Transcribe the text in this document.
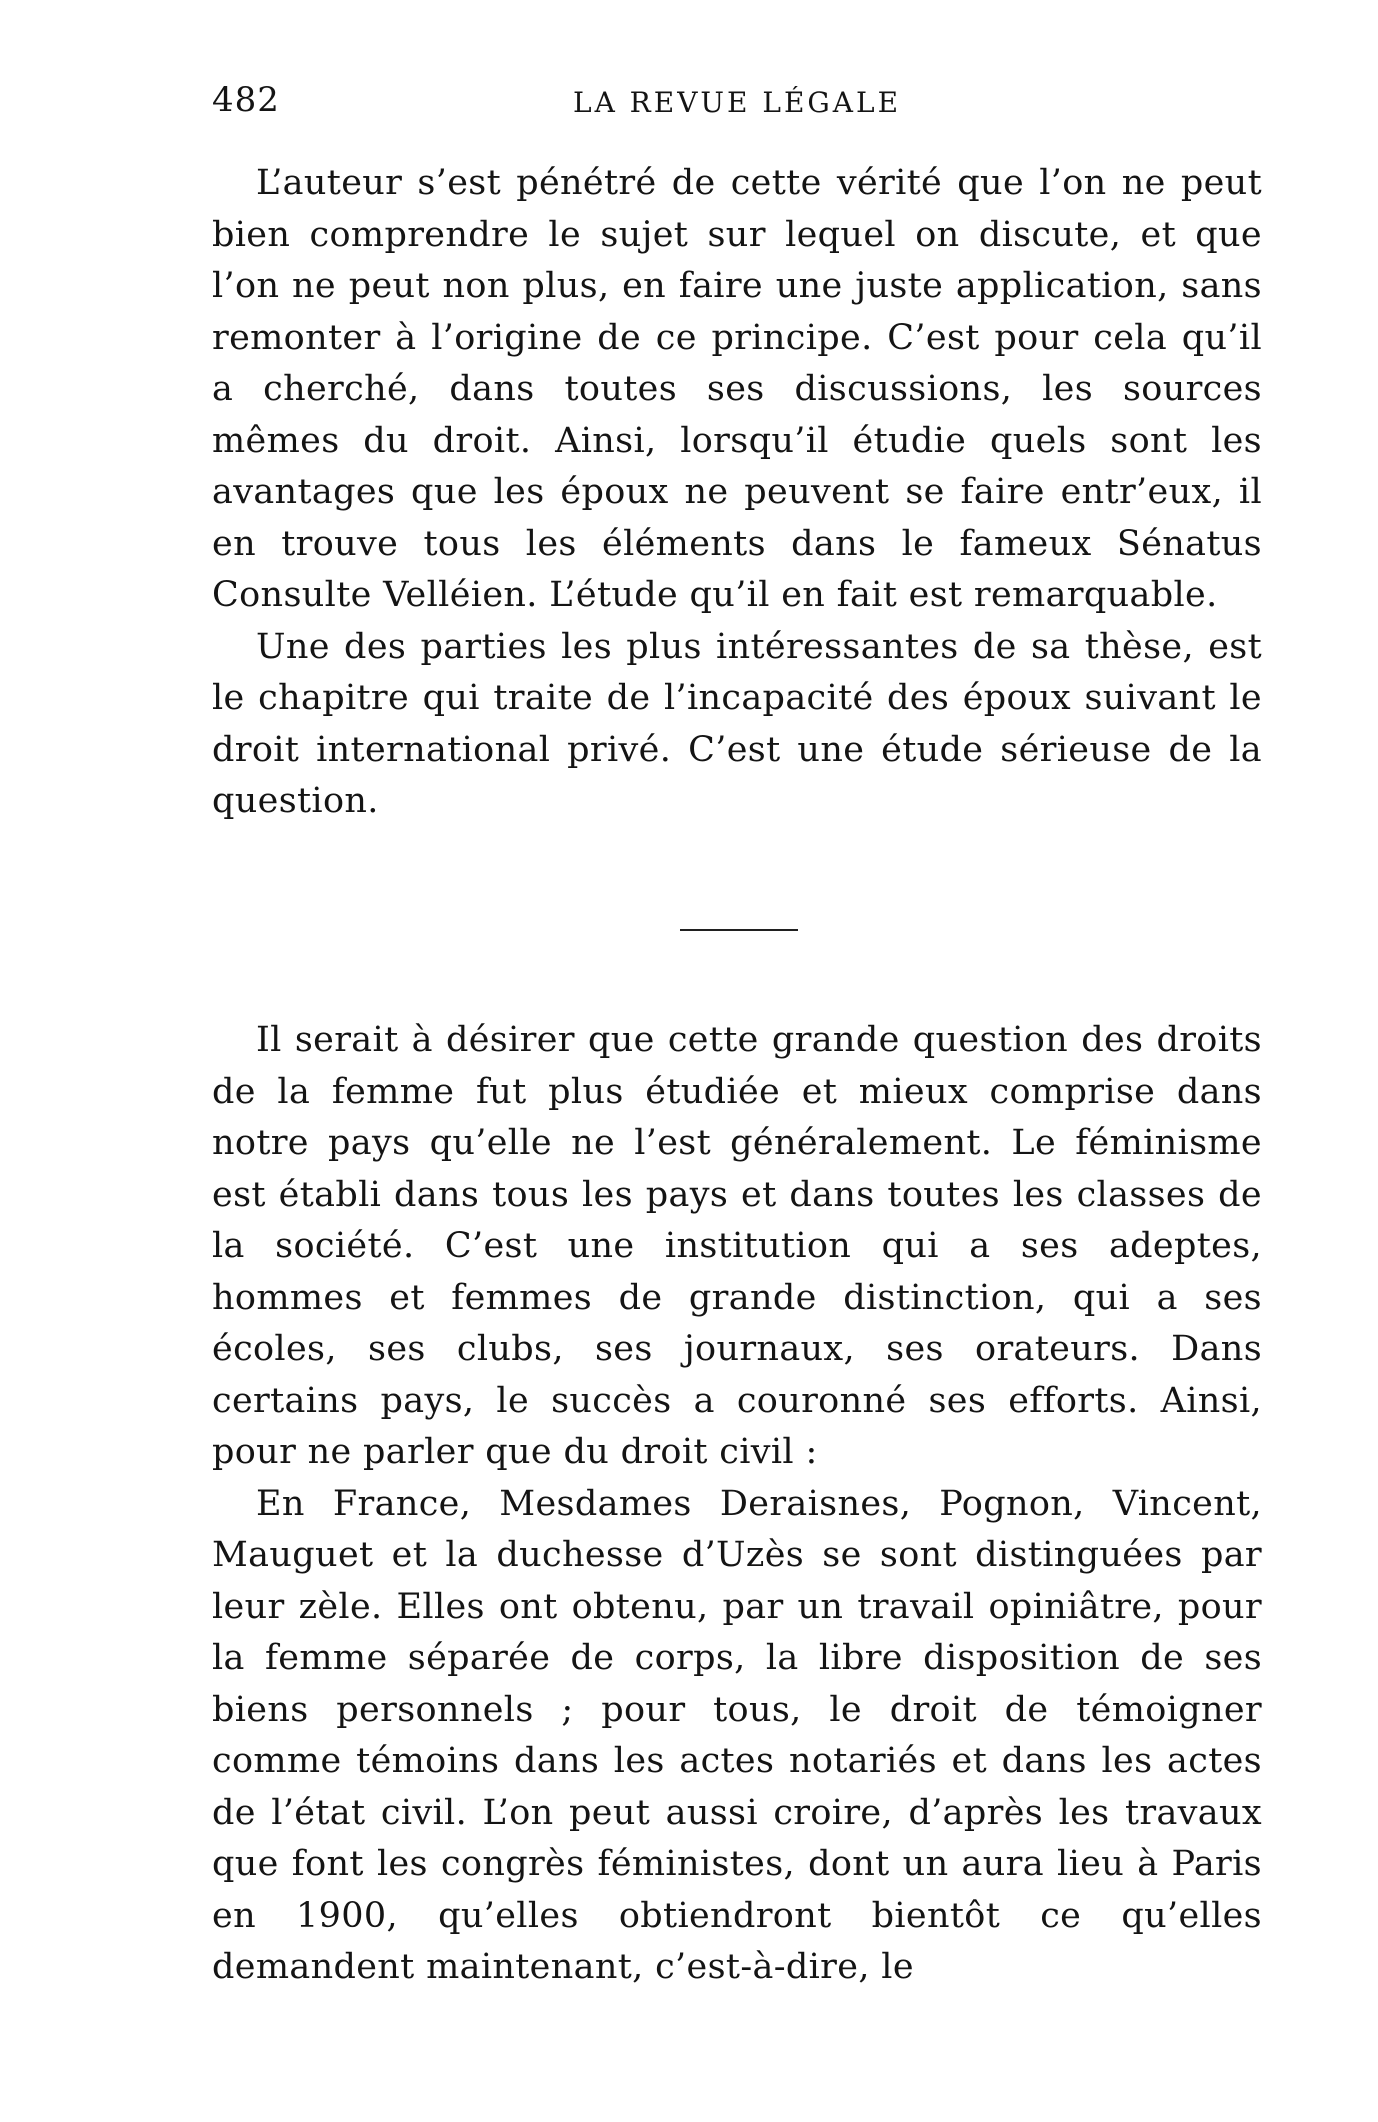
482	LA REVUE LÉGALE

L’auteur s’est pénétré de cette vérité que l’on ne peut bien comprendre le sujet sur lequel on discute, et que l’on ne peut non plus, en faire une juste application, sans remonter à l’origine de ce principe. C’est pour cela qu’il a cherché, dans toutes ses discussions, les sources mêmes du droit. Ainsi, lorsqu’il étudie quels sont les avantages que les époux ne peuvent se faire entr’eux, il en trouve tous les éléments dans le fameux Sénatus Consulte Velléien. L’étude qu’il en fait est remarquable.

Une des parties les plus intéressantes de sa thèse, est le chapitre qui traite de l’incapacité des époux suivant le droit international privé. C’est une étude sérieuse de la question.

Il serait à désirer que cette grande question des droits de la femme fut plus étudiée et mieux comprise dans notre pays qu’elle ne l’est généralement. Le féminisme est établi dans tous les pays et dans toutes les classes de la société. C’est une institution qui a ses adeptes, hommes et femmes de grande distinction, qui a ses écoles, ses clubs, ses journaux, ses orateurs. Dans certains pays, le succès a couronné ses efforts. Ainsi, pour ne parler que du droit civil :

En France, Mesdames Deraisnes, Pognon, Vincent, Mauguet et la duchesse d’Uzès se sont distinguées par leur zèle. Elles ont obtenu, par un travail opiniâtre, pour la femme séparée de corps, la libre disposition de ses biens personnels ; pour tous, le droit de témoigner comme témoins dans les actes notariés et dans les actes de l’état civil. L’on peut aussi croire, d’après les travaux que font les congrès féministes, dont un aura lieu à Paris en 1900, qu’elles obtiendront bientôt ce qu’elles demandent maintenant, c’est-à-dire, le
